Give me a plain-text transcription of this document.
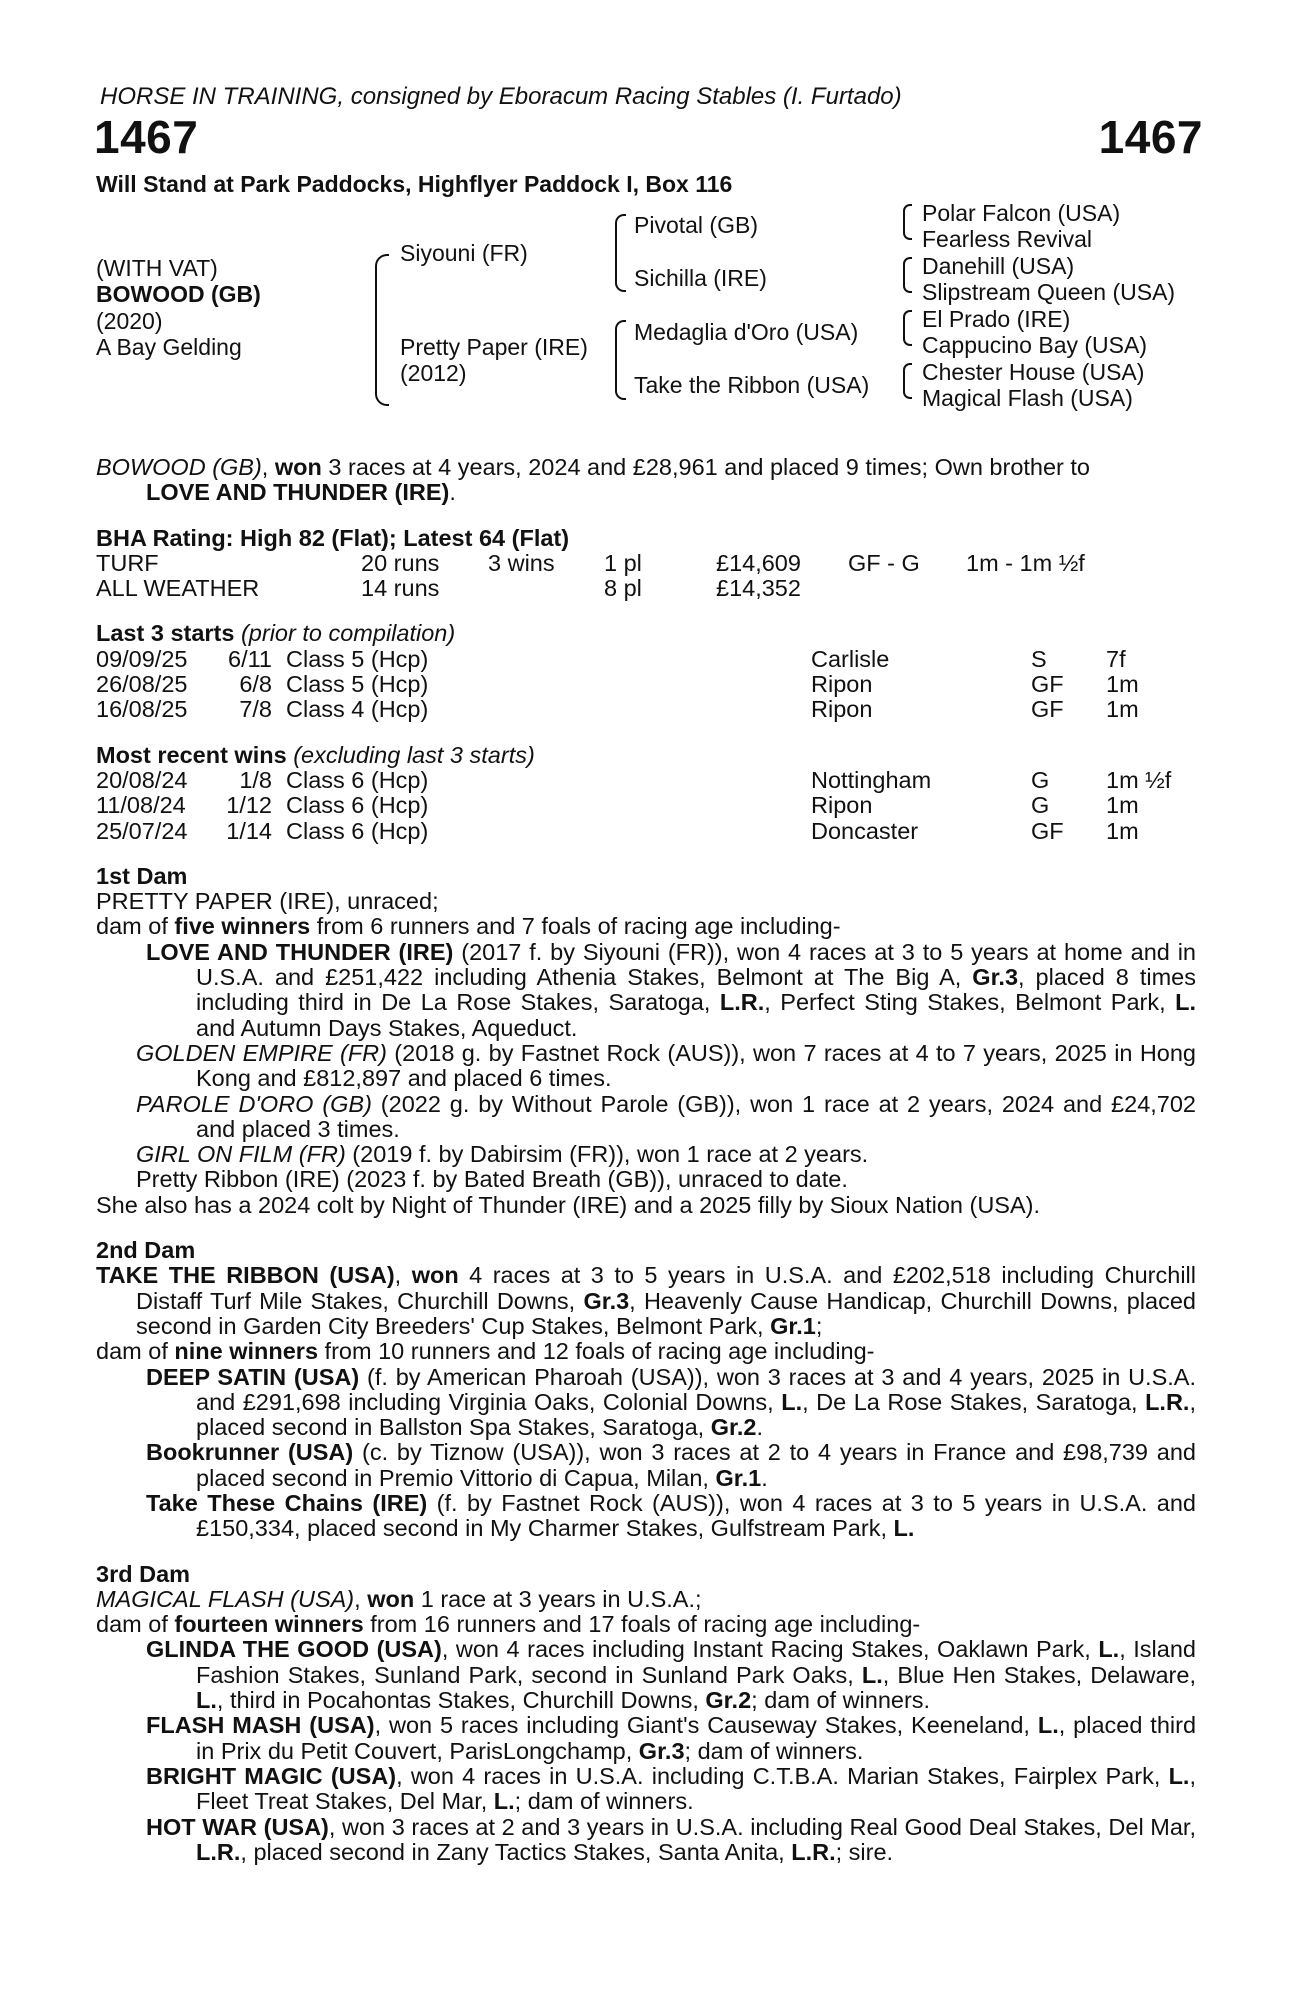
HORSE IN TRAINING, consigned by Eboracum Racing Stables (I. Furtado)
1467	1467
Will Stand at Park Paddocks, Highflyer Paddock I, Box 116
(WITH VAT)
BOWOOD (GB)
(2020)
A Bay Gelding
Siyouni (FR)
Pretty Paper (IRE)
(2012)
Pivotal (GB)
Sichilla (IRE)
Medaglia d'Oro (USA)
Take the Ribbon (USA)
Polar Falcon (USA)
Fearless Revival
Danehill (USA)
Slipstream Queen (USA)
El Prado (IRE)
Cappucino Bay (USA)
Chester House (USA)
Magical Flash (USA)
BOWOOD (GB), won 3 races at 4 years, 2024 and £28,961 and placed 9 times; Own brother to
LOVE AND THUNDER (IRE).
BHA Rating: High 82 (Flat); Latest 64 (Flat)
TURF	20 runs 3 wins 1 pl	£14,609 GF - G 1m - 1m ½f
ALL WEATHER	14 runs	8 pl	£14,352
Last 3 starts (prior to compilation)
09/09/25 6/11 Class 5 (Hcp)	Carlisle	S	7f
26/08/25	6/8 Class 5 (Hcp)	Ripon	GF 1m
16/08/25	7/8 Class 4 (Hcp)	Ripon	GF 1m
Most recent wins (excluding last 3 starts)
20/08/24	1/8 Class 6 (Hcp)	Nottingham	G 1m ½f
11/08/24 1/12 Class 6 (Hcp)	Ripon	G 1m
25/07/24 1/14 Class 6 (Hcp)	Doncaster	GF 1m
1st Dam
PRETTY PAPER (IRE), unraced;
dam of five winners from 6 runners and 7 foals of racing age including-
LOVE AND THUNDER (IRE) (2017 f. by Siyouni (FR)), won 4 races at 3 to 5 years at home and in U.S.A. and £251,422 including Athenia Stakes, Belmont at The Big A, Gr.3, placed 8 times including third in De La Rose Stakes, Saratoga, L.R., Perfect Sting Stakes, Belmont Park, L. and Autumn Days Stakes, Aqueduct.
GOLDEN EMPIRE (FR) (2018 g. by Fastnet Rock (AUS)), won 7 races at 4 to 7 years, 2025 in Hong Kong and £812,897 and placed 6 times.
PAROLE D'ORO (GB) (2022 g. by Without Parole (GB)), won 1 race at 2 years, 2024 and £24,702 and placed 3 times.
GIRL ON FILM (FR) (2019 f. by Dabirsim (FR)), won 1 race at 2 years.
Pretty Ribbon (IRE) (2023 f. by Bated Breath (GB)), unraced to date.
She also has a 2024 colt by Night of Thunder (IRE) and a 2025 filly by Sioux Nation (USA).
2nd Dam
TAKE THE RIBBON (USA), won 4 races at 3 to 5 years in U.S.A. and £202,518 including Churchill Distaff Turf Mile Stakes, Churchill Downs, Gr.3, Heavenly Cause Handicap, Churchill Downs, placed second in Garden City Breeders' Cup Stakes, Belmont Park, Gr.1;
dam of nine winners from 10 runners and 12 foals of racing age including-
DEEP SATIN (USA) (f. by American Pharoah (USA)), won 3 races at 3 and 4 years, 2025 in U.S.A. and £291,698 including Virginia Oaks, Colonial Downs, L., De La Rose Stakes, Saratoga, L.R., placed second in Ballston Spa Stakes, Saratoga, Gr.2.
Bookrunner (USA) (c. by Tiznow (USA)), won 3 races at 2 to 4 years in France and £98,739 and placed second in Premio Vittorio di Capua, Milan, Gr.1.
Take These Chains (IRE) (f. by Fastnet Rock (AUS)), won 4 races at 3 to 5 years in U.S.A. and £150,334, placed second in My Charmer Stakes, Gulfstream Park, L.
3rd Dam
MAGICAL FLASH (USA), won 1 race at 3 years in U.S.A.;
dam of fourteen winners from 16 runners and 17 foals of racing age including-
GLINDA THE GOOD (USA), won 4 races including Instant Racing Stakes, Oaklawn Park, L., Island Fashion Stakes, Sunland Park, second in Sunland Park Oaks, L., Blue Hen Stakes, Delaware, L., third in Pocahontas Stakes, Churchill Downs, Gr.2; dam of winners.
FLASH MASH (USA), won 5 races including Giant's Causeway Stakes, Keeneland, L., placed third in Prix du Petit Couvert, ParisLongchamp, Gr.3; dam of winners.
BRIGHT MAGIC (USA), won 4 races in U.S.A. including C.T.B.A. Marian Stakes, Fairplex Park, L., Fleet Treat Stakes, Del Mar, L.; dam of winners.
HOT WAR (USA), won 3 races at 2 and 3 years in U.S.A. including Real Good Deal Stakes, Del Mar, L.R., placed second in Zany Tactics Stakes, Santa Anita, L.R.; sire.
